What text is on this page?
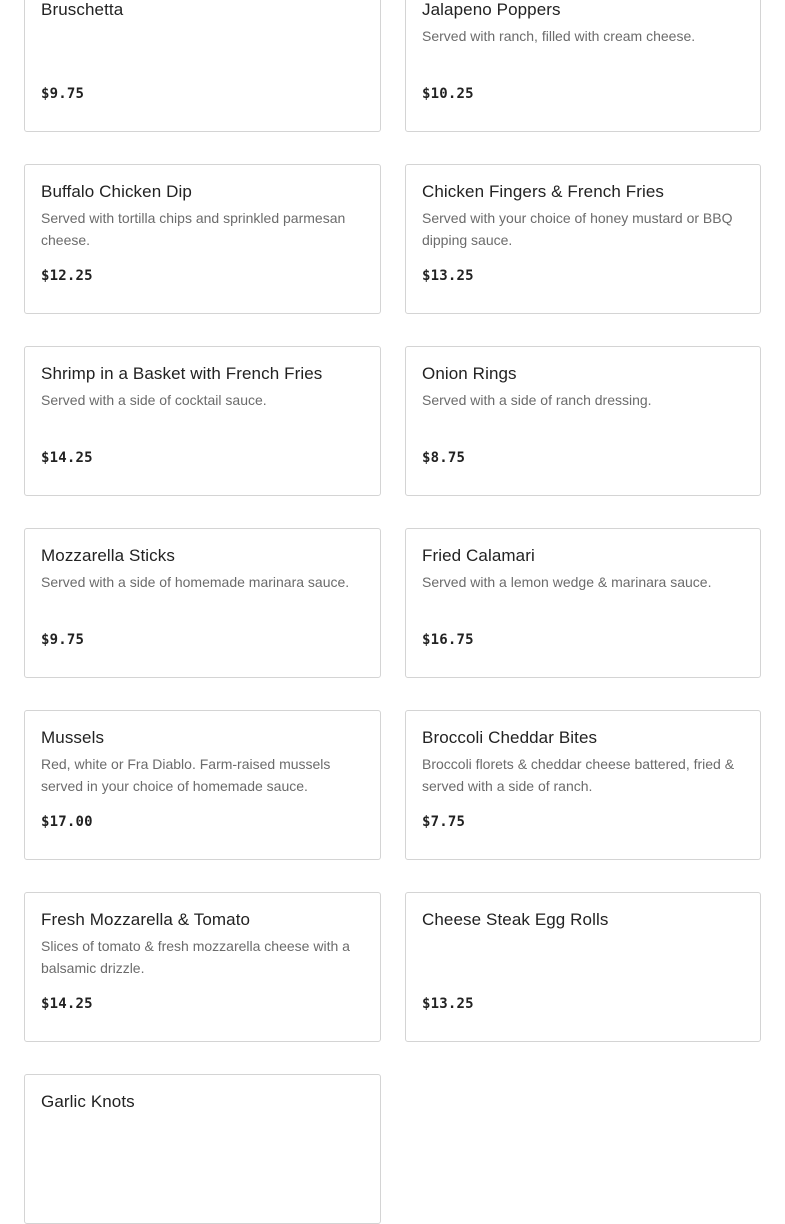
Bruschetta
$9.75
Jalapeno Poppers
Served with ranch, filled with cream cheese.
$10.25
Buffalo Chicken Dip
Served with tortilla chips and sprinkled parmesan cheese.
$12.25
Chicken Fingers & French Fries
Served with your choice of honey mustard or BBQ dipping sauce.
$13.25
Shrimp in a Basket with French Fries
Served with a side of cocktail sauce.
$14.25
Onion Rings
Served with a side of ranch dressing.
$8.75
Mozzarella Sticks
Served with a side of homemade marinara sauce.
$9.75
Fried Calamari
Served with a lemon wedge & marinara sauce.
$16.75
Mussels
Red, white or Fra Diablo. Farm-raised mussels served in your choice of homemade sauce.
$17.00
Broccoli Cheddar Bites
Broccoli florets & cheddar cheese battered, fried & served with a side of ranch.
$7.75
Fresh Mozzarella & Tomato
Slices of tomato & fresh mozzarella cheese with a balsamic drizzle.
$14.25
Cheese Steak Egg Rolls
$13.25
Garlic Knots
